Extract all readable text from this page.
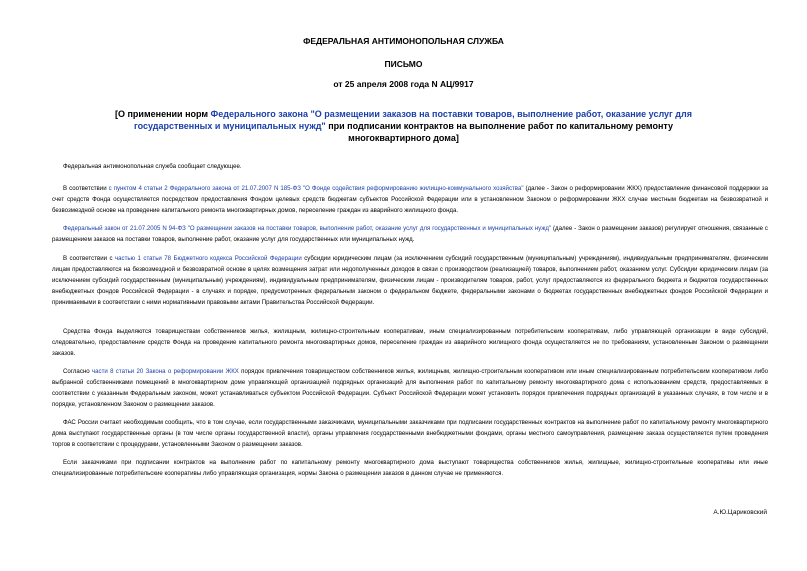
ФЕДЕРАЛЬНАЯ АНТИМОНОПОЛЬНАЯ СЛУЖБА
ПИСЬМО
от 25 апреля 2008 года N АЦ/9917
[О применении норм Федерального закона "О размещении заказов на поставки товаров, выполнение работ, оказание услуг для государственных и муниципальных нужд" при подписании контрактов на выполнение работ по капитальному ремонту многоквартирного дома]

Федеральная антимонопольная служба сообщает следующее.

В соответствии с пунктом 4 статьи 2 Федерального закона от 21.07.2007 N 185-ФЗ "О Фонде содействия реформированию жилищно-коммунального хозяйства" (далее - Закон о реформировании ЖКХ) предоставление финансовой поддержки за счет средств Фонда осуществляется посредством предоставления Фондом целевых средств бюджетам субъектов Российской Федерации или в установленном Законом о реформировании ЖКХ случае местным бюджетам на безвозвратной и безвозмездной основе на проведение капитального ремонта многоквартирных домов, переселение граждан из аварийного жилищного фонда.

Федеральный закон от 21.07.2005 N 94-ФЗ "О размещении заказов на поставки товаров, выполнение работ, оказание услуг для государственных и муниципальных нужд" (далее - Закон о размещении заказов) регулирует отношения, связанные с размещением заказов на поставки товаров, выполнение работ, оказание услуг для государственных или муниципальных нужд.

В соответствии с частью 1 статьи 78 Бюджетного кодекса Российской Федерации субсидии юридическим лицам (за исключением субсидий государственным (муниципальным) учреждениям), индивидуальным предпринимателям, физическим лицам предоставляются на безвозмездной и безвозвратной основе в целях возмещения затрат или недополученных доходов в связи с производством (реализацией) товаров, выполнением работ, оказанием услуг. Субсидии юридическим лицам (за исключением субсидий государственным (муниципальным) учреждениям), индивидуальным предпринимателям, физическим лицам - производителям товаров, работ, услуг предоставляются из федерального бюджета и бюджетов государственных внебюджетных фондов Российской Федерации - в случаях и порядке, предусмотренных федеральным законом о федеральном бюджете, федеральными законами о бюджетах государственных внебюджетных фондов Российской Федерации и принимаемыми в соответствии с ними нормативными правовыми актами Правительства Российской Федерации.

Средства Фонда выделяются товариществам собственников жилья, жилищным, жилищно-строительным кооперативам, иным специализированным потребительским кооперативам, либо управляющей организации в виде субсидий, следовательно, предоставление средств Фонда на проведение капитального ремонта многоквартирных домов, переселение граждан из аварийного жилищного фонда осуществляется не по требованиям, установленным Законом о размещении заказов.

Согласно части 8 статьи 20 Закона о реформировании ЖКХ порядок привлечения товариществом собственников жилья, жилищным, жилищно-строительным кооперативом или иным специализированным потребительским кооперативом либо выбранной собственниками помещений в многоквартирном доме управляющей организацией подрядных организаций для выполнения работ по капитальному ремонту многоквартирного дома с использованием средств, предоставляемых в соответствии с указанным Федеральным законом, может устанавливаться субъектом Российской Федерации. Субъект Российской Федерации может установить порядок привлечения подрядных организаций в указанных случаях, в том числе и в порядке, установленном Законом о размещении заказов.

ФАС России считает необходимым сообщить, что в том случае, если государственными заказчиками, муниципальными заказчиками при подписании государственных контрактов на выполнение работ по капитальному ремонту многоквартирного дома выступают государственные органы (в том числе органы государственной власти), органы управления государственными внебюджетными фондами, органы местного самоуправления, размещение заказа осуществляется путем проведения торгов в соответствии с процедурами, установленными Законом о размещении заказов.

Если заказчиками при подписании контрактов на выполнение работ по капитальному ремонту многоквартирного дома выступают товарищества собственников жилья, жилищные, жилищно-строительные кооперативы или иные специализированные потребительские кооперативы либо управляющая организация, нормы Закона о размещении заказов в данном случае не применяются.

А.Ю.Цариковский
